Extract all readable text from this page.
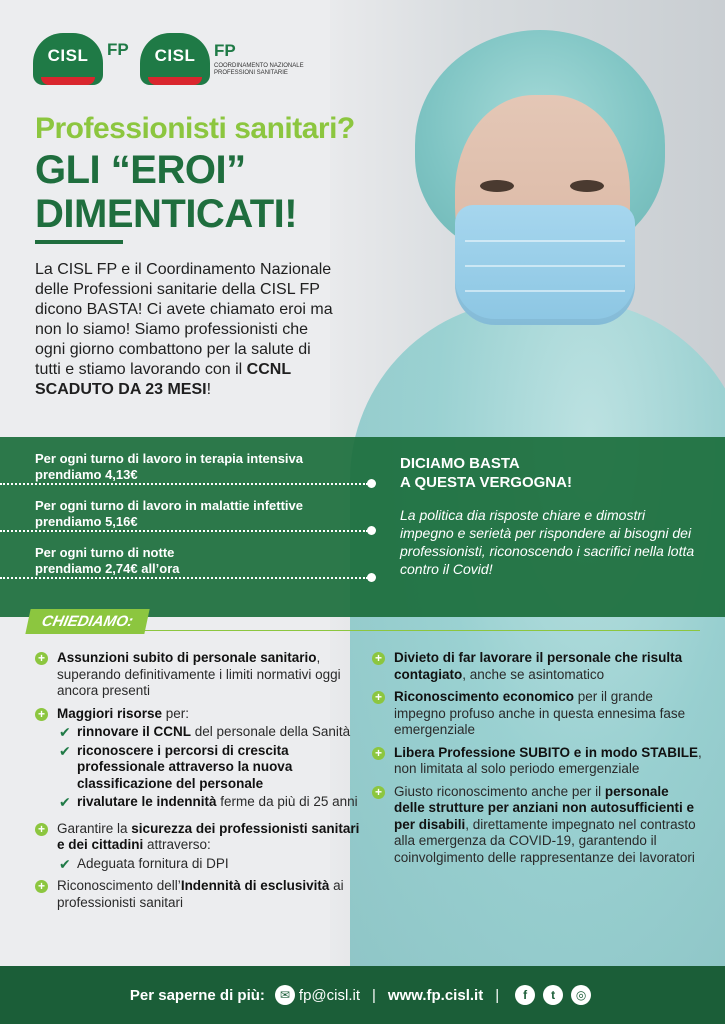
CISL FP CISL FP
COORDINAMENTO NAZIONALE
PROFESSIONI SANITARIE
Professionisti sanitari?
GLI “EROI”
DIMENTICATI!
La CISL FP e il Coordinamento Nazionale delle Professioni sanitarie della CISL FP dicono BASTA! Ci avete chiamato eroi ma non lo siamo! Siamo professionisti che ogni giorno combattono per la salute di tutti e stiamo lavorando con il CCNL SCADUTO DA 23 MESI!
Per ogni turno di lavoro in terapia intensiva
prendiamo 4,13€
Per ogni turno di lavoro in malattie infettive
prendiamo 5,16€
Per ogni turno di notte
prendiamo 2,74€ all’ora
DICIAMO BASTA
A QUESTA VERGOGNA!
La politica dia risposte chiare e dimostri impegno e serietà per rispondere ai bisogni dei professionisti, riconoscendo i sacrifici nella lotta contro il Covid!
CHIEDIAMO:
+ Assunzioni subito di personale sanitario, superando definitivamente i limiti normativi oggi ancora presenti
+ Maggiori risorse per:
✔ rinnovare il CCNL del personale della Sanità
✔ riconoscere i percorsi di crescita professionale attraverso la nuova classificazione del personale
✔ rivalutare le indennità ferme da più di 25 anni
+ Garantire la sicurezza dei professionisti sanitari e dei cittadini attraverso:
✔ Adeguata fornitura di DPI
+ Riconoscimento dell’Indennità di esclusività ai professionisti sanitari
+ Divieto di far lavorare il personale che risulta contagiato, anche se asintomatico
+ Riconoscimento economico per il grande impegno profuso anche in questa ennesima fase emergenziale
+ Libera Professione SUBITO e in modo STABILE, non limitata al solo periodo emergenziale
+ Giusto riconoscimento anche per il personale delle strutture per anziani non autosufficienti e per disabili, direttamente impegnato nel contrasto alla emergenza da COVID-19, garantendo il coinvolgimento delle rappresentanze dei lavoratori
Per saperne di più:	✉ fp@cisl.it | www.fp.cisl.it |	f	t	◎
